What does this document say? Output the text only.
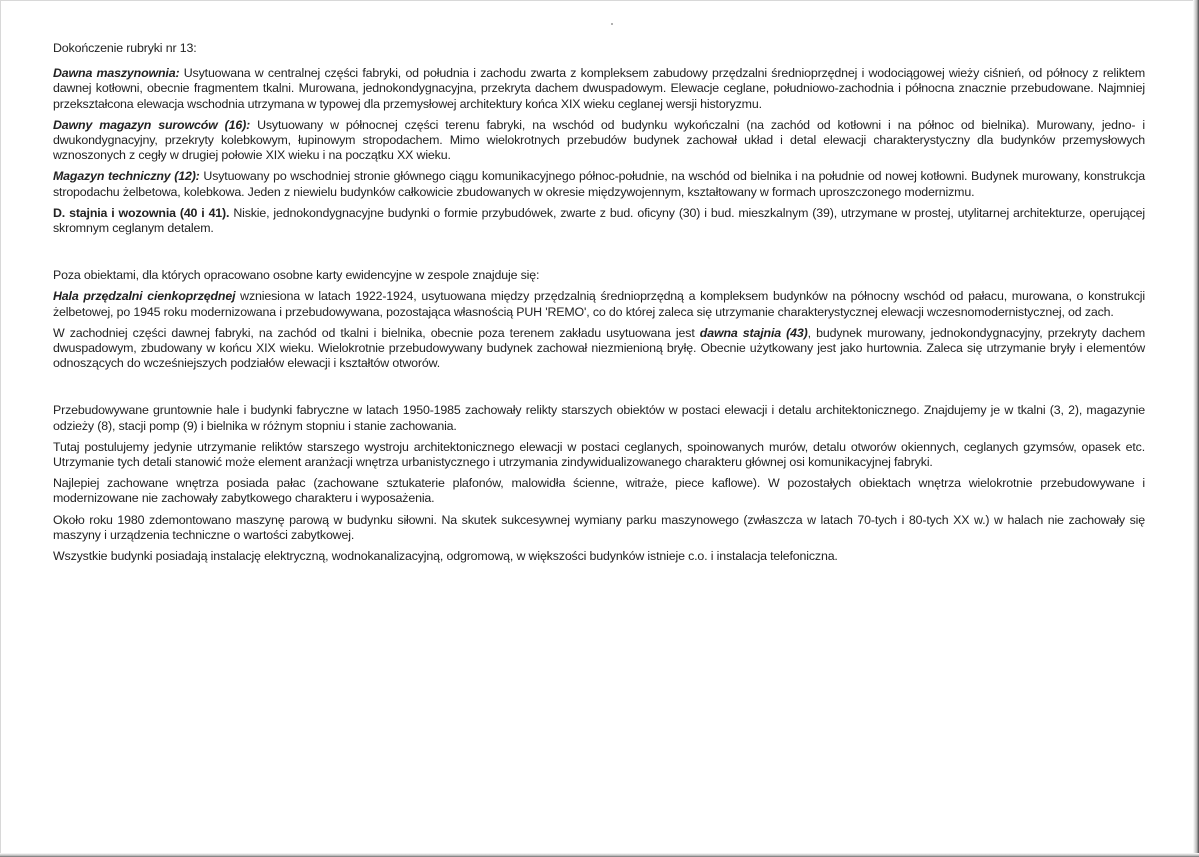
Dokończenie rubryki nr 13:

Dawna maszynownia: Usytuowana w centralnej części fabryki, od południa i zachodu zwarta z kompleksem zabudowy przędzalni średnioprzędnej i wodociągowej wieży ciśnień, od północy z reliktem dawnej kotłowni, obecnie fragmentem tkalni. Murowana, jednokondygnacyjna, przekryta dachem dwuspadowym. Elewacje ceglane, południowo-zachodnia i północna znacznie przebudowane. Najmniej przekształcona elewacja wschodnia utrzymana w typowej dla przemysłowej architektury końca XIX wieku ceglanej wersji historyzmu.

Dawny magazyn surowców (16): Usytuowany w północnej części terenu fabryki, na wschód od budynku wykończalni (na zachód od kotłowni i na północ od bielnika). Murowany, jedno- i dwukondygnacyjny, przekryty kolebkowym, łupinowym stropodachem. Mimo wielokrotnych przebudów budynek zachował układ i detal elewacji charakterystyczny dla budynków przemysłowych wznoszonych z cegły w drugiej połowie XIX wieku i na początku XX wieku.

Magazyn techniczny (12): Usytuowany po wschodniej stronie głównego ciągu komunikacyjnego północ-południe, na wschód od bielnika i na południe od nowej kotłowni. Budynek murowany, konstrukcja stropodachu żelbetowa, kolebkowa. Jeden z niewielu budynków całkowicie zbudowanych w okresie międzywojennym, kształtowany w formach uproszczonego modernizmu.

D. stajnia i wozownia (40 i 41). Niskie, jednokondygnacyjne budynki o formie przybudówek, zwarte z bud. oficyny (30) i bud. mieszkalnym (39), utrzymane w prostej, utylitarnej architekturze, operującej skromnym ceglanym detalem.

Poza obiektami, dla których opracowano osobne karty ewidencyjne w zespole znajduje się:

Hala przędzalni cienkoprzędnej wzniesiona w latach 1922-1924, usytuowana między przędzalnią średnioprzędną a kompleksem budynków na północny wschód od pałacu, murowana, o konstrukcji żelbetowej, po 1945 roku modernizowana i przebudowywana, pozostająca własnością PUH 'REMO', co do której zaleca się utrzymanie charakterystycznej elewacji wczesnomodernistycznej, od zach.

W zachodniej części dawnej fabryki, na zachód od tkalni i bielnika, obecnie poza terenem zakładu usytuowana jest dawna stajnia (43), budynek murowany, jednokondygnacyjny, przekryty dachem dwuspadowym, zbudowany w końcu XIX wieku. Wielokrotnie przebudowywany budynek zachował niezmienioną bryłę. Obecnie użytkowany jest jako hurtownia. Zaleca się utrzymanie bryły i elementów odnoszących do wcześniejszych podziałów elewacji i kształtów otworów.

Przebudowywane gruntownie hale i budynki fabryczne w latach 1950-1985 zachowały relikty starszych obiektów w postaci elewacji i detalu architektonicznego. Znajdujemy je w tkalni (3, 2), magazynie odzieży (8), stacji pomp (9) i bielnika w różnym stopniu i stanie zachowania.

Tutaj postulujemy jedynie utrzymanie reliktów starszego wystroju architektonicznego elewacji w postaci ceglanych, spoinowanych murów, detalu otworów okiennych, ceglanych gzymsów, opasek etc. Utrzymanie tych detali stanowić może element aranżacji wnętrza urbanistycznego i utrzymania zindywidualizowanego charakteru głównej osi komunikacyjnej fabryki.

Najlepiej zachowane wnętrza posiada pałac (zachowane sztukaterie plafonów, malowidła ścienne, witraże, piece kaflowe). W pozostałych obiektach wnętrza wielokrotnie przebudowywane i modernizowane nie zachowały zabytkowego charakteru i wyposażenia.

Około roku 1980 zdemontowano maszynę parową w budynku siłowni. Na skutek sukcesywnej wymiany parku maszynowego (zwłaszcza w latach 70-tych i 80-tych XX w.) w halach nie zachowały się maszyny i urządzenia techniczne o wartości zabytkowej.

Wszystkie budynki posiadają instalację elektryczną, wodnokanalizacyjną, odgromową, w większości budynków istnieje c.o. i instalacja telefoniczna.
